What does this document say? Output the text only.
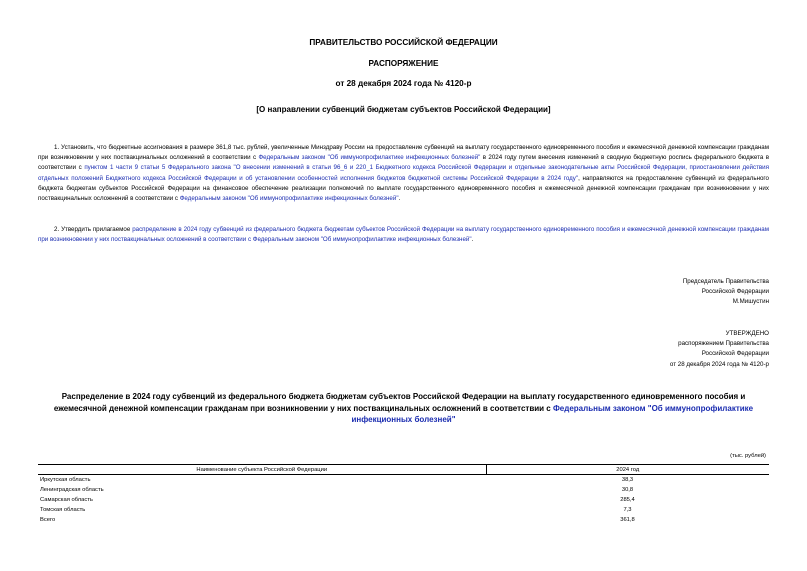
ПРАВИТЕЛЬСТВО РОССИЙСКОЙ ФЕДЕРАЦИИ
РАСПОРЯЖЕНИЕ
от 28 декабря 2024 года № 4120-р
[О направлении субвенций бюджетам субъектов Российской Федерации]
1. Установить, что бюджетные ассигнования в размере 361,8 тыс. рублей, увеличенные Минздраву России на предоставление субвенций на выплату государственного единовременного пособия и ежемесячной денежной компенсации гражданам при возникновении у них поствакцинальных осложнений в соответствии с Федеральным законом "Об иммунопрофилактике инфекционных болезней" в 2024 году путем внесения изменений в сводную бюджетную роспись федерального бюджета в соответствии с пунктом 1 части 9 статьи 5 Федерального закона "О внесении изменений в статьи 96_6 и 220_1 Бюджетного кодекса Российской Федерации и отдельные законодательные акты Российской Федерации, приостановлении действия отдельных положений Бюджетного кодекса Российской Федерации и об установлении особенностей исполнения бюджетов бюджетной системы Российской Федерации в 2024 году", направляются на предоставление субвенций из федерального бюджета бюджетам субъектов Российской Федерации на финансовое обеспечение реализации полномочий по выплате государственного единовременного пособия и ежемесячной денежной компенсации гражданам при возникновении у них поствакцинальных осложнений в соответствии с Федеральным законом "Об иммунопрофилактике инфекционных болезней".
2. Утвердить прилагаемое распределение в 2024 году субвенций из федерального бюджета бюджетам субъектов Российской Федерации на выплату государственного единовременного пособия и ежемесячной денежной компенсации гражданам при возникновении у них поствакцинальных осложнений в соответствии с Федеральным законом "Об иммунопрофилактике инфекционных болезней".
Председатель Правительства
Российской Федерации
М.Мишустин
УТВЕРЖДЕНО
распоряжением Правительства
Российской Федерации
от 28 декабря 2024 года № 4120-р
Распределение в 2024 году субвенций из федерального бюджета бюджетам субъектов Российской Федерации на выплату государственного единовременного пособия и ежемесячной денежной компенсации гражданам при возникновении у них поствакцинальных осложнений в соответствии с Федеральным законом "Об иммунопрофилактике инфекционных болезней"
(тыс. рублей)
Наименование субъекта Российской Федерации	2024 год
Иркутская область	38,3
Ленинградская область	30,8
Самарская область	285,4
Томская область	7,3
Всего	361,8
